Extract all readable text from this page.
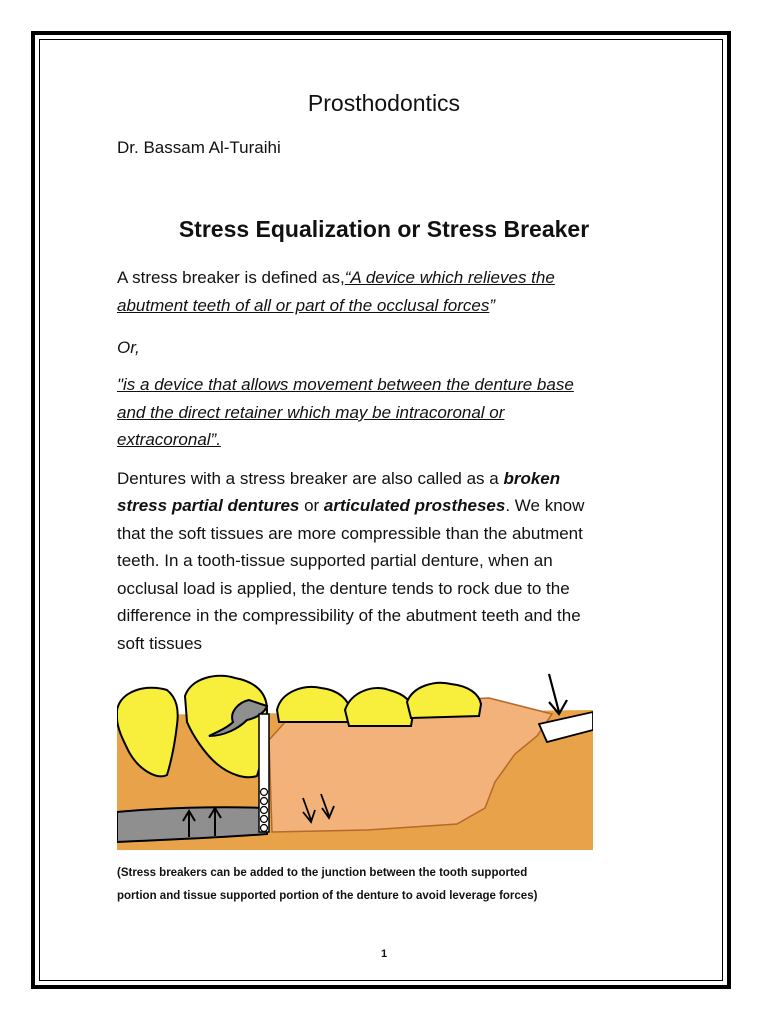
Prosthodontics
Dr. Bassam Al-Turaihi
Stress Equalization or Stress Breaker
A stress breaker is defined as,“A device which relieves the
abutment teeth of all or part of the occlusal forces”
Or,
"is a device that allows movement between the denture base
and the direct retainer which may be intracoronal or
extracoronal”.
Dentures with a stress breaker are also called as a broken
stress partial dentures or articulated prostheses. We know
that the soft tissues are more compressible than the abutment
teeth. In a tooth-tissue supported partial denture, when an
occlusal load is applied, the denture tends to rock due to the
difference in the compressibility of the abutment teeth and the
soft tissues
(Stress breakers can be added to the junction between the tooth supported
portion and tissue supported portion of the denture to avoid leverage forces)
1
